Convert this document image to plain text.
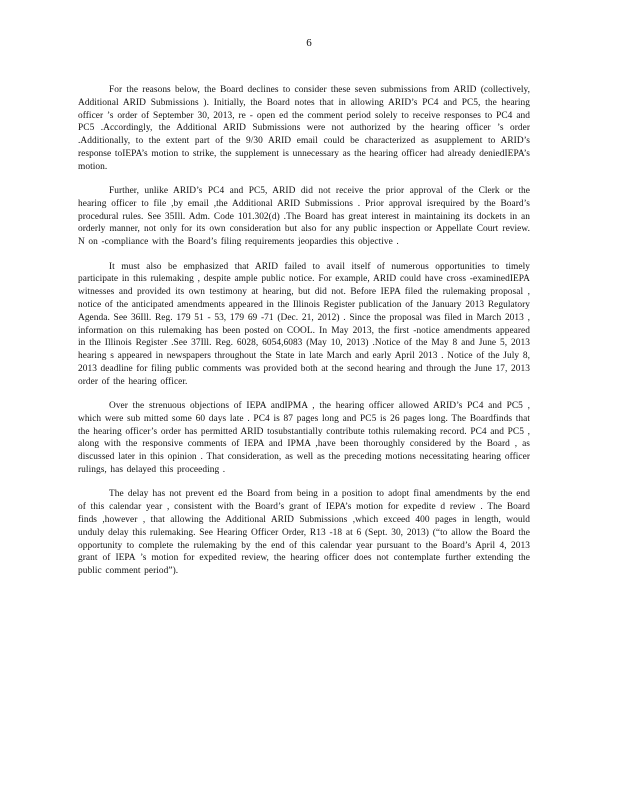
6

For the reasons below, the Board declines to consider these seven submissions from ARID (collectively, Additional ARID Submissions ). Initially, the Board notes that in allowing ARID’s PC4 and PC5, the hearing officer ’s order of September 30, 2013, re - open ed the comment period solely to receive responses to PC4 and PC5 .Accordingly, the Additional ARID Submissions were not authorized by the hearing officer ’s order .Additionally, to the extent part of the 9/30 ARID email could be characterized as asupplement to ARID’s response toIEPA’s motion to strike, the supplement is unnecessary as the hearing officer had already deniedIEPA’s motion.

Further, unlike ARID’s PC4 and PC5, ARID did not receive the prior approval of the Clerk or the hearing officer to file ,by email ,the Additional ARID Submissions . Prior approval isrequired by the Board’s procedural rules. See 35Ill. Adm. Code 101.302(d) .The Board has great interest in maintaining its dockets in an orderly manner, not only for its own consideration but also for any public inspection or Appellate Court review. N on -compliance with the Board’s filing requirements jeopardies this objective .

It must also be emphasized that ARID failed to avail itself of numerous opportunities to timely participate in this rulemaking , despite ample public notice. For example, ARID could have cross -examinedIEPA witnesses and provided its own testimony at hearing, but did not. Before IEPA filed the rulemaking proposal , notice of the anticipated amendments appeared in the Illinois Register publication of the January 2013 Regulatory Agenda. See 36Ill. Reg. 179 51 - 53, 179 69 -71 (Dec. 21, 2012) . Since the proposal was filed in March 2013 , information on this rulemaking has been posted on COOL. In May 2013, the first -notice amendments appeared in the Illinois Register .See 37Ill. Reg. 6028, 6054,6083 (May 10, 2013) .Notice of the May 8 and June 5, 2013 hearing s appeared in newspapers throughout the State in late March and early April 2013 . Notice of the July 8, 2013 deadline for filing public comments was provided both at the second hearing and through the June 17, 2013 order of the hearing officer.

Over the strenuous objections of IEPA andIPMA , the hearing officer allowed ARID’s PC4 and PC5 , which were sub mitted some 60 days late . PC4 is 87 pages long and PC5 is 26 pages long. The Boardfinds that the hearing officer’s order has permitted ARID tosubstantially contribute tothis rulemaking record. PC4 and PC5 , along with the responsive comments of IEPA and IPMA ,have been thoroughly considered by the Board , as discussed later in this opinion . That consideration, as well as the preceding motions necessitating hearing officer rulings, has delayed this proceeding .

The delay has not prevent ed the Board from being in a position to adopt final amendments by the end of this calendar year , consistent with the Board’s grant of IEPA’s motion for expedite d review . The Board finds ,however , that allowing the Additional ARID Submissions ,which exceed 400 pages in length, would unduly delay this rulemaking. See Hearing Officer Order, R13 -18 at 6 (Sept. 30, 2013) (“to allow the Board the opportunity to complete the rulemaking by the end of this calendar year pursuant to the Board’s April 4, 2013 grant of IEPA ’s motion for expedited review, the hearing officer does not contemplate further extending the public comment period”).
